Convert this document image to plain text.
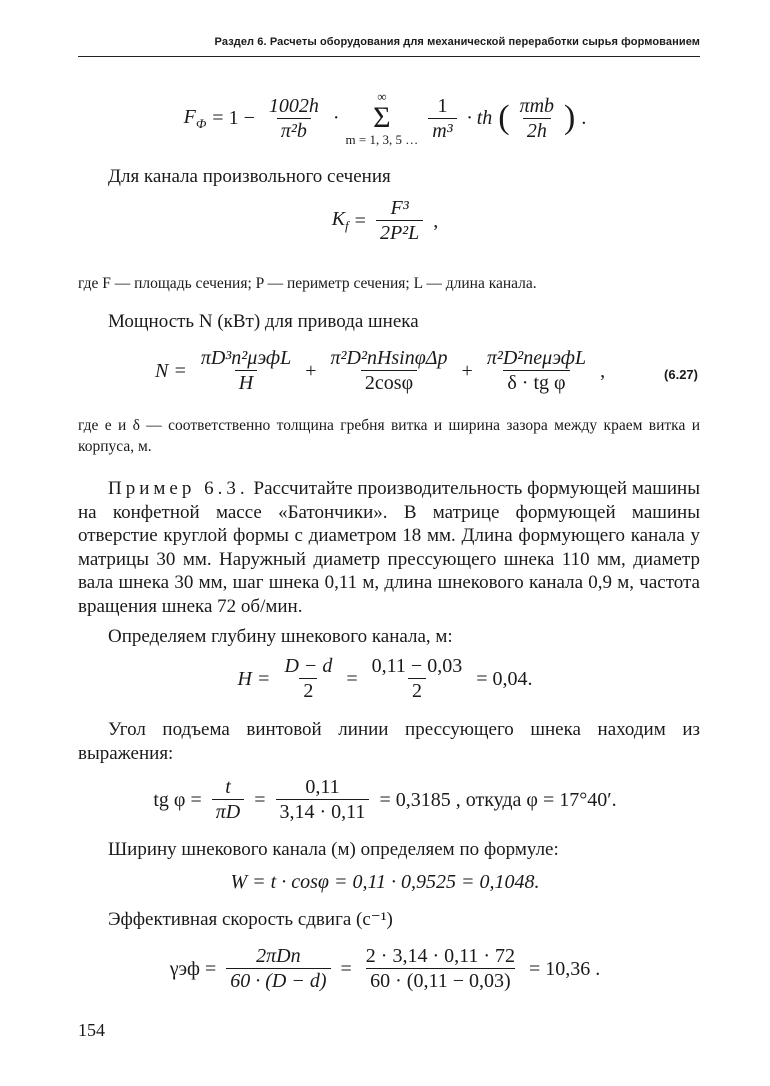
Раздел 6. Расчеты оборудования для механической переработки сырья формованием
$F_Ф = 1 - \frac{1002h}{\text{π²b}}$ ·
∞
Σ
m = 1, 3, 5 … $\frac{1}{\text{m³}}$ · th ( $\frac{\text{πmb}}{2h}$ ) .
Для канала произвольного сечения
$K_f = \frac{\text{F³}}{\text{2P²L}}$ ,
где F — площадь сечения; P — периметр сечения; L — длина канала.
Мощность N (кВт) для привода шнека
$N = \frac{\text{πD³n²μэфL}}{H} + \frac{\text{π²D²nHsinφΔp}}{2\cos\varphi} + \frac{\text{π²D²neμэфL}}{\text{δ · tg φ}}$ ,	(6.27)
где e и δ — соответственно толщина гребня витка и ширина зазора между краем витка и корпуса, м.
Пример 6.3. Рассчитайте производительность формующей машины на конфетной массе «Батончики». В матрице формующей машины отверстие круглой формы с диаметром 18 мм. Длина формующего канала у матрицы 30 мм. Наружный диаметр прессующего шнека 110 мм, диаметр вала шнека 30 мм, шаг шнека 0,11 м, длина шнекового канала 0,9 м, частота вращения шнека 72 об/мин.
Определяем глубину шнекового канала, м:
$H = \frac{D - d}{2} = \frac{0,11 - 0,03}{2} = 0,04$.
Угол подъема винтовой линии прессующего шнека находим из выражения:
tg $\varphi = \frac{t}{\pi D} = \frac{0,11}{3,14 \cdot 0,11} = 0,3185$ , откуда φ = 17°40′.
Ширину шнекового канала (м) определяем по формуле:
W = t · cosφ = 0,11 · 0,9525 = 0,1048.
Эффективная скорость сдвига (с⁻¹)
$\gamma эф = \frac{\text{2πDn}}{60 \cdot (D - d)} = \frac{2 \cdot 3,14 \cdot 0,11 \cdot 72}{60 \cdot (0,11 - 0,03)} = 10,36$ .
154
